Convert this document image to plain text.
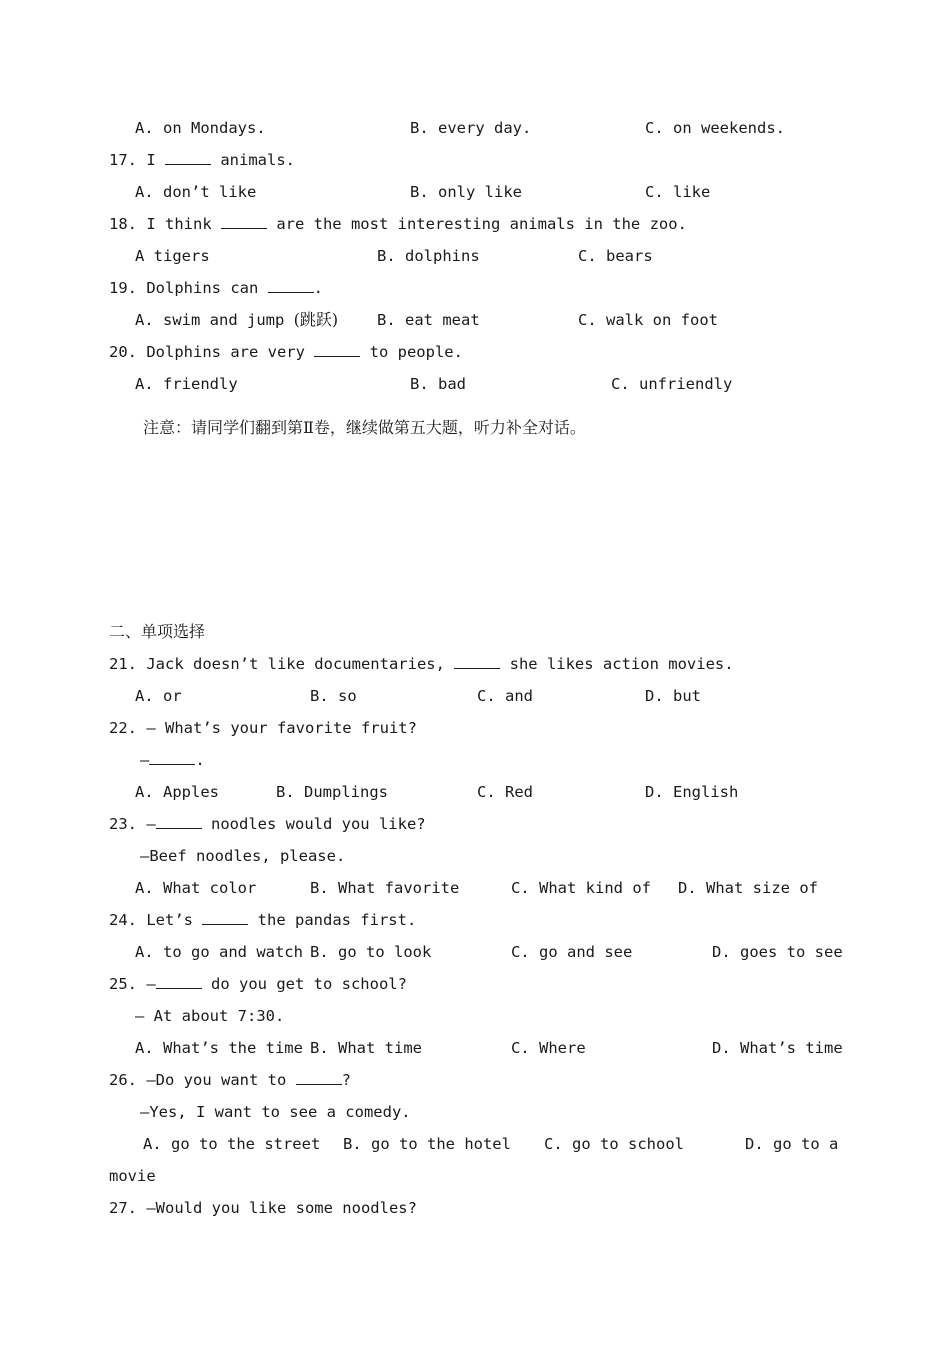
A. on Mondays.	B. every day.	C. on weekends.
17. I	animals.
A. don’t like	B. only like	C. like
18. I think	are the most interesting animals in the zoo.
A tigers	B. dolphins	C. bears
19. Dolphins can	.
A. swim and jump (跳跃)	B. eat meat	C. walk on foot
20. Dolphins are very	to people.
A. friendly	B. bad	C. unfriendly
注意：请同学们翻到第Ⅱ卷，继续做第五大题，听力补全对话。
二、单项选择
21. Jack doesn’t like documentaries,	she likes action movies.
A. or	B. so	C. and	D. but
22. – What’s your favorite fruit?
–	.
A. Apples	B. Dumplings	C. Red	D. English
23. –	noodles would you like?
–Beef noodles, please.
A. What color	B. What favorite	C. What kind of D. What size of
24. Let’s	the pandas first.
A. to go and watch B. go to look	C. go and see	D. goes to see
25. –	do you get to school?
– At about 7:30.
A. What’s the time B. What time	C. Where	D. What’s time
26. –Do you want to	?
–Yes, I want to see a comedy.
A. go to the street B. go to the hotel C. go to school	D. go to a
movie
27. –Would you like some noodles?
